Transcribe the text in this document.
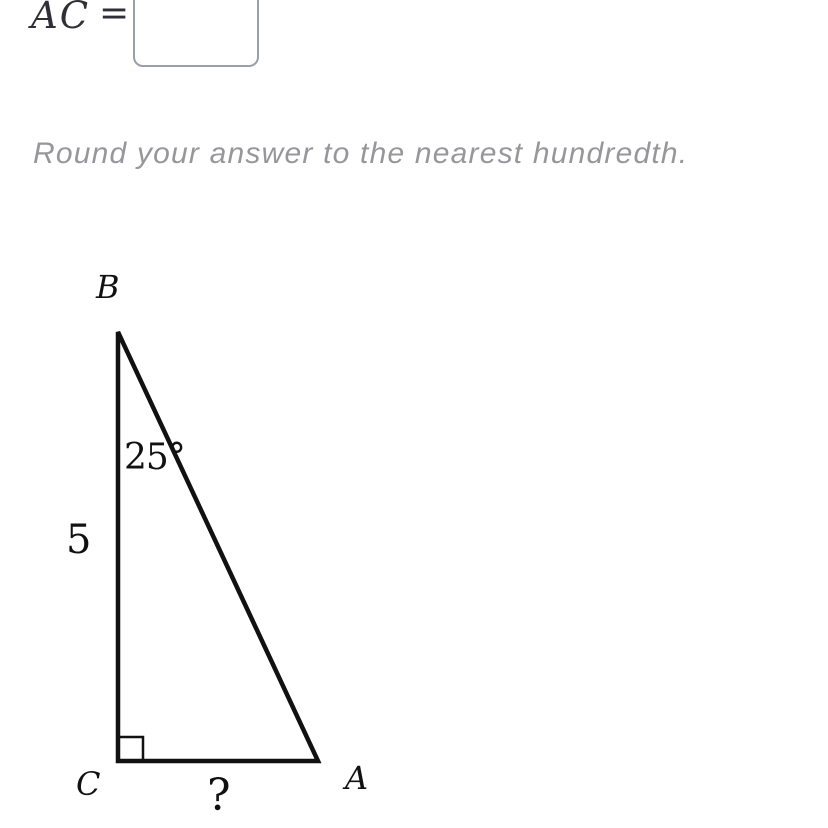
AC =
Round your answer to the nearest hundredth.
B
C	A
25°
5
?
